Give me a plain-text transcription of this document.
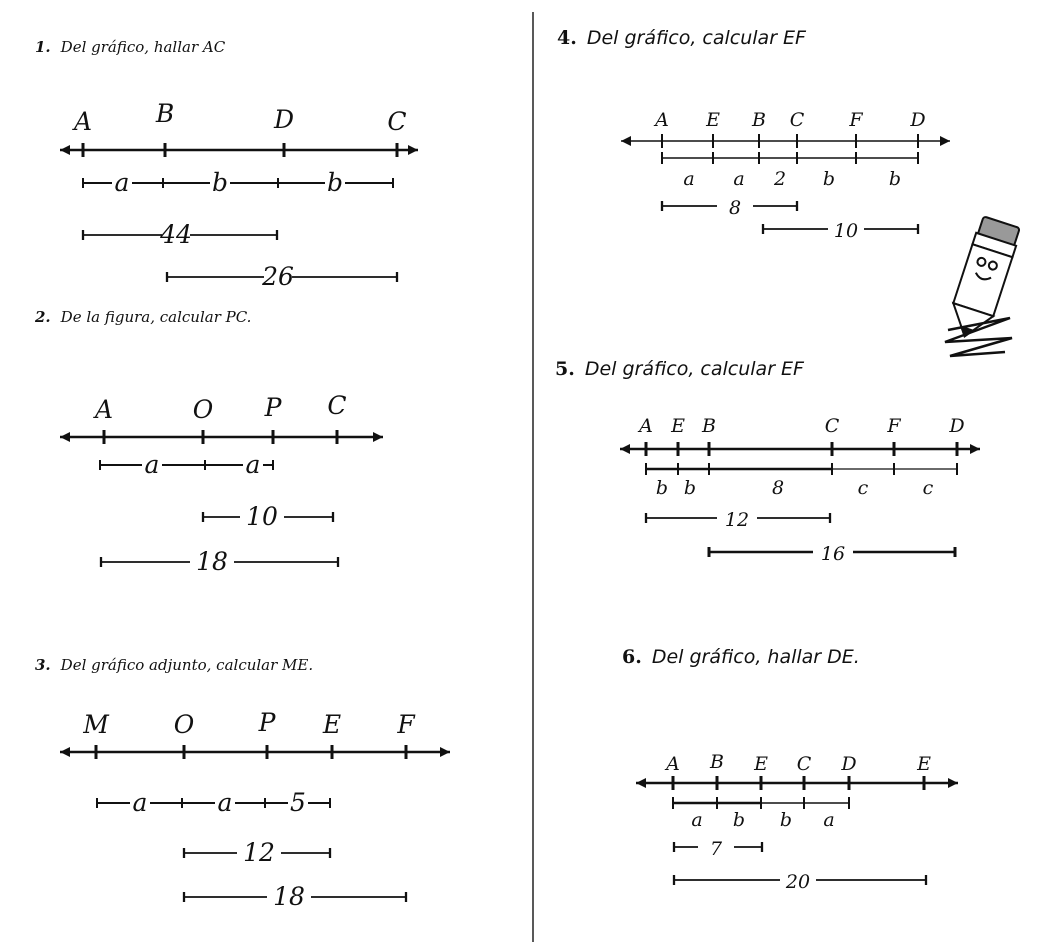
1. Del gráfico, hallar AC
A	B	D	C
a	b	b
44
26
2. De la figura, calcular PC.
A	O P C
a	a
10
18
3. Del gráfico adjunto, calcular ME.
M	O	P E F
a	a 5
12
18
4. Del gráfico, calcular EF
A E B C F	D
a a 2 b	b
8
10
5. Del gráfico, calcular EF
A E B	C	F	D
b b	8	c	c
12
16
6. Del gráfico, hallar DE.
A B E C D	E
a b b a
7
20
